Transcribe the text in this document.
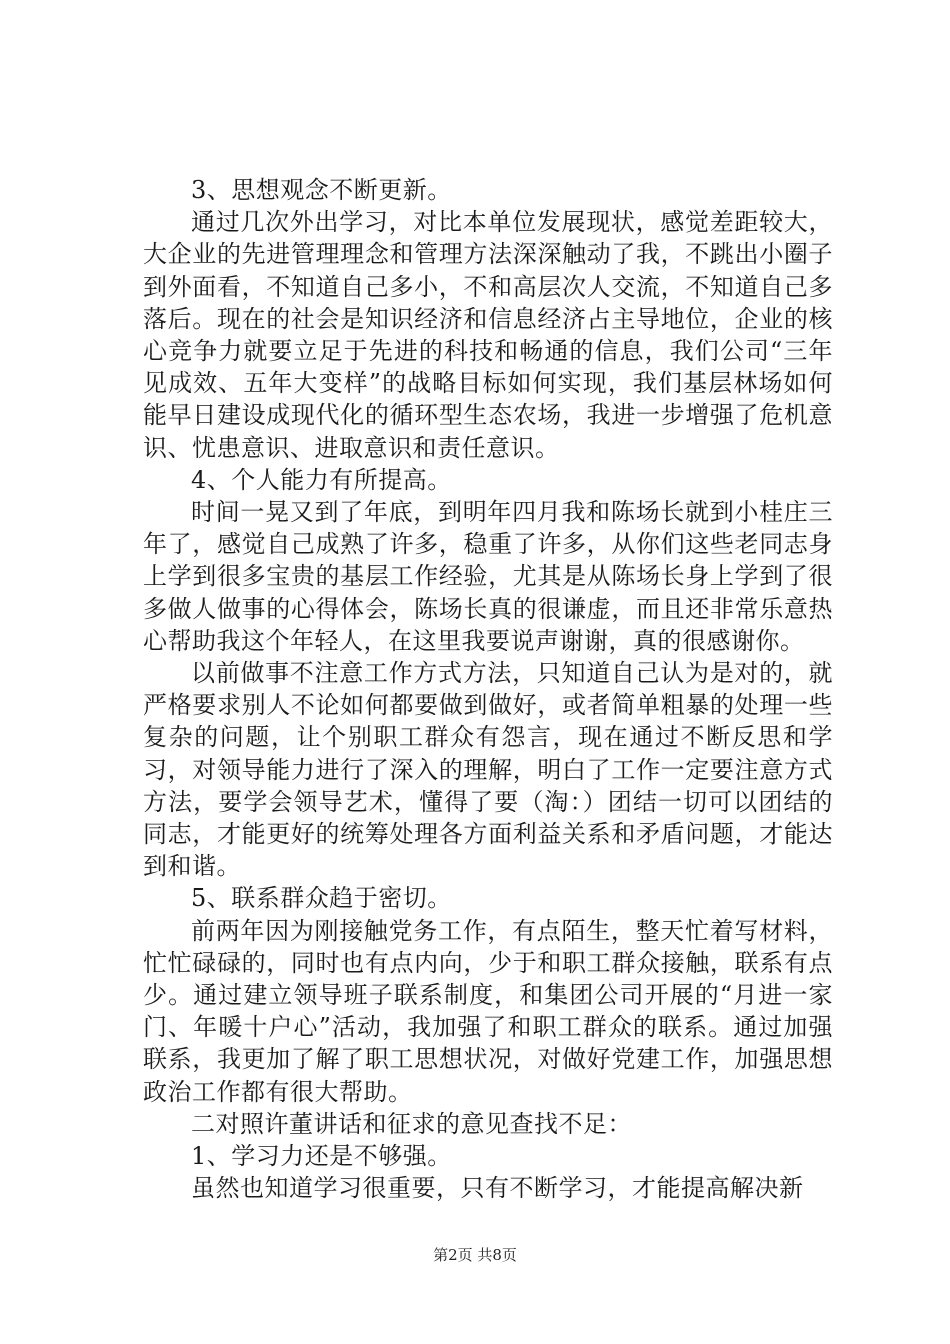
3、思想观念不断更新。

通过几次外出学习，对比本单位发展现状，感觉差距较大，大企业的先进管理理念和管理方法深深触动了我，不跳出小圈子到外面看，不知道自己多小，不和高层次人交流，不知道自己多落后。现在的社会是知识经济和信息经济占主导地位，企业的核心竞争力就要立足于先进的科技和畅通的信息，我们公司“三年见成效、五年大变样”的战略目标如何实现，我们基层林场如何能早日建设成现代化的循环型生态农场，我进一步增强了危机意识、忧患意识、进取意识和责任意识。

4、个人能力有所提高。

时间一晃又到了年底，到明年四月我和陈场长就到小桂庄三年了，感觉自己成熟了许多，稳重了许多，从你们这些老同志身上学到很多宝贵的基层工作经验，尤其是从陈场长身上学到了很多做人做事的心得体会，陈场长真的很谦虚，而且还非常乐意热心帮助我这个年轻人，在这里我要说声谢谢，真的很感谢你。

以前做事不注意工作方式方法，只知道自己认为是对的，就严格要求别人不论如何都要做到做好，或者简单粗暴的处理一些复杂的问题，让个别职工群众有怨言，现在通过不断反思和学习，对领导能力进行了深入的理解，明白了工作一定要注意方式方法，要学会领导艺术，懂得了要（淘：）团结一切可以团结的同志，才能更好的统筹处理各方面利益关系和矛盾问题，才能达到和谐。

5、联系群众趋于密切。

前两年因为刚接触党务工作，有点陌生，整天忙着写材料，忙忙碌碌的，同时也有点内向，少于和职工群众接触，联系有点少。通过建立领导班子联系制度，和集团公司开展的“月进一家门、年暖十户心”活动，我加强了和职工群众的联系。通过加强联系，我更加了解了职工思想状况，对做好党建工作，加强思想政治工作都有很大帮助。

二对照许董讲话和征求的意见查找不足：

1、学习力还是不够强。

虽然也知道学习很重要，只有不断学习，才能提高解决新

第2页 共8页
